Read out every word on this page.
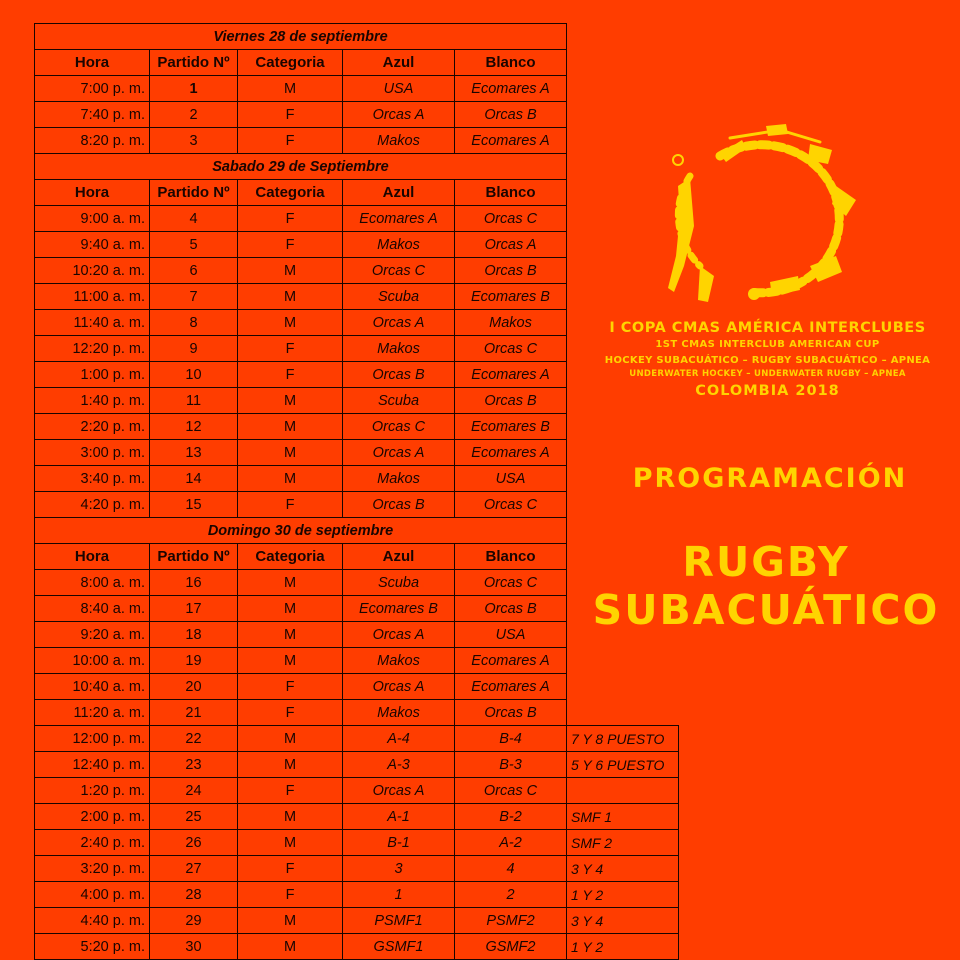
Viernes 28 de septiembre					
Hora	Partido Nº	Categoria	Azul	Blanco	
7:00 p. m.	1	M	USA	Ecomares A	
7:40 p. m.	2	F	Orcas A	Orcas B	
8:20 p. m.	3	F	Makos	Ecomares A	
Sabado 29 de Septiembre					
Hora	Partido Nº	Categoria	Azul	Blanco	
9:00 a. m.	4	F	Ecomares A	Orcas C	
9:40 a. m.	5	F	Makos	Orcas A	
10:20 a. m.	6	M	Orcas C	Orcas B	
11:00 a. m.	7	M	Scuba	Ecomares B	
11:40 a. m.	8	M	Orcas A	Makos	
12:20 p. m.	9	F	Makos	Orcas C	
1:00 p. m.	10	F	Orcas B	Ecomares A	
1:40 p. m.	11	M	Scuba	Orcas B	
2:20 p. m.	12	M	Orcas C	Ecomares B	
3:00 p. m.	13	M	Orcas A	Ecomares A	
3:40 p. m.	14	M	Makos	USA	
4:20 p. m.	15	F	Orcas B	Orcas C	
Domingo 30 de septiembre					
Hora	Partido Nº	Categoria	Azul	Blanco	
8:00 a. m.	16	M	Scuba	Orcas C	
8:40 a. m.	17	M	Ecomares B	Orcas B	
9:20 a. m.	18	M	Orcas A	USA	
10:00 a. m.	19	M	Makos	Ecomares A	
10:40 a. m.	20	F	Orcas A	Ecomares A	
11:20 a. m.	21	F	Makos	Orcas B	
12:00 p. m.	22	M	A-4	B-4	7 Y 8 PUESTO
12:40 p. m.	23	M	A-3	B-3	5 Y 6 PUESTO
1:20 p. m.	24	F	Orcas A	Orcas C	
2:00 p. m.	25	M	A-1	B-2	SMF 1
2:40 p. m.	26	M	B-1	A-2	SMF 2
3:20 p. m.	27	F	3	4	3 Y 4
4:00 p. m.	28	F	1	2	1 Y 2
4:40 p. m.	29	M	PSMF1	PSMF2	3 Y 4
5:20 p. m.	30	M	GSMF1	GSMF2	1 Y 2
I COPA CMAS AMÉRICA INTERCLUBES
1ST CMAS INTERCLUB AMERICAN CUP
HOCKEY SUBACUÁTICO – RUGBY SUBACUÁTICO – APNEA
UNDERWATER HOCKEY – UNDERWATER RUGBY – APNEA
COLOMBIA 2018
PROGRAMACIÓN
RUGBY
SUBACUÁTICO
